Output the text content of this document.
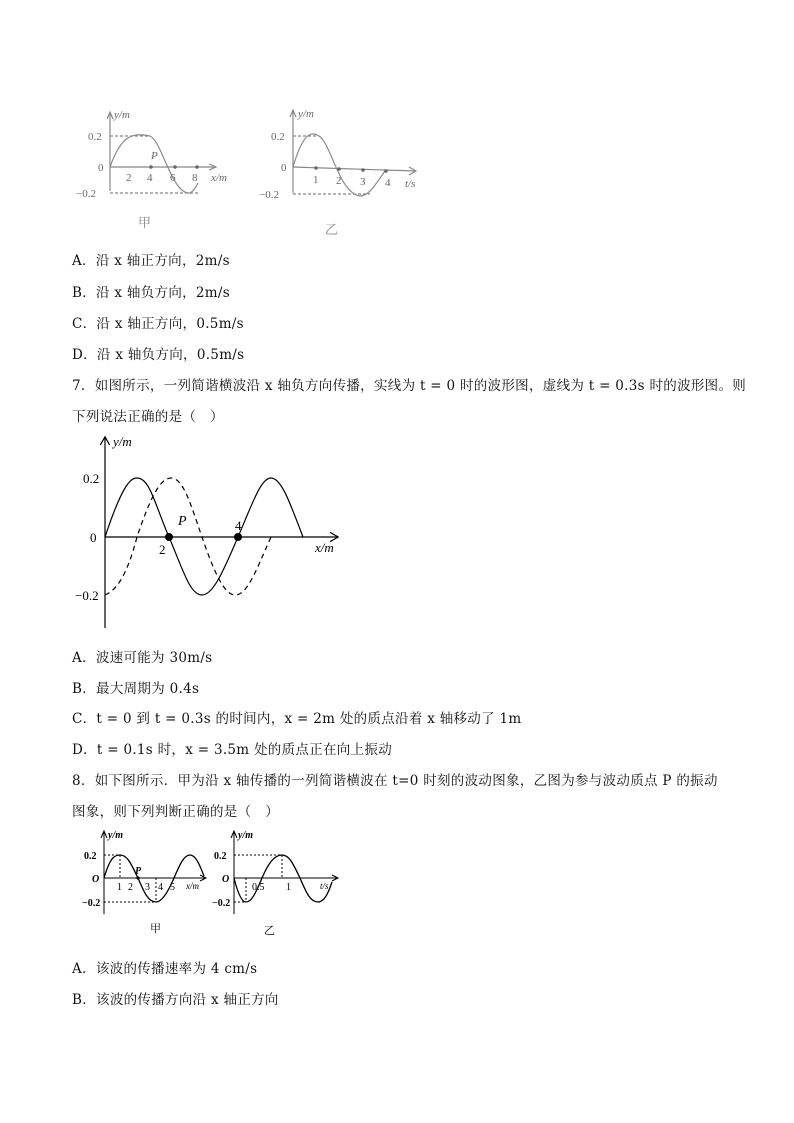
y/m
0.2
0
−0.2
2 4 6 8
P
x/m
甲
y/m
0.2
0
−0.2
1 2 3 4 t/s
乙
A．沿 x 轴正方向，2m/s
B．沿 x 轴负方向，2m/s
C．沿 x 轴正方向，0.5m/s
D．沿 x 轴负方向，0.5m/s
7．如图所示，一列简谐横波沿 x 轴负方向传播，实线为 t = 0 时的波形图，虚线为 t = 0.3s 时的波形图。则
下列说法正确的是（　）
y/m
0.2
0
−0.2
P
2
4
x/m
A．波速可能为 30m/s
B．最大周期为 0.4s
C．t = 0 到 t = 0.3s 的时间内，x = 2m 处的质点沿着 x 轴移动了 1m
D．t = 0.1s 时，x = 3.5m 处的质点正在向上振动
8．如下图所示．甲为沿 x 轴传播的一列简谐横波在 t=0 时刻的波动图象，乙图为参与波动质点 P 的振动
图象，则下列判断正确的是（　）
y/m
0.2
O
−0.2
1 2
P
3 4 5 x/m
甲
y/m
0.2
O
−0.2
0.5 1	t/s
乙
A．该波的传播速率为 4 cm/s
B．该波的传播方向沿 x 轴正方向
